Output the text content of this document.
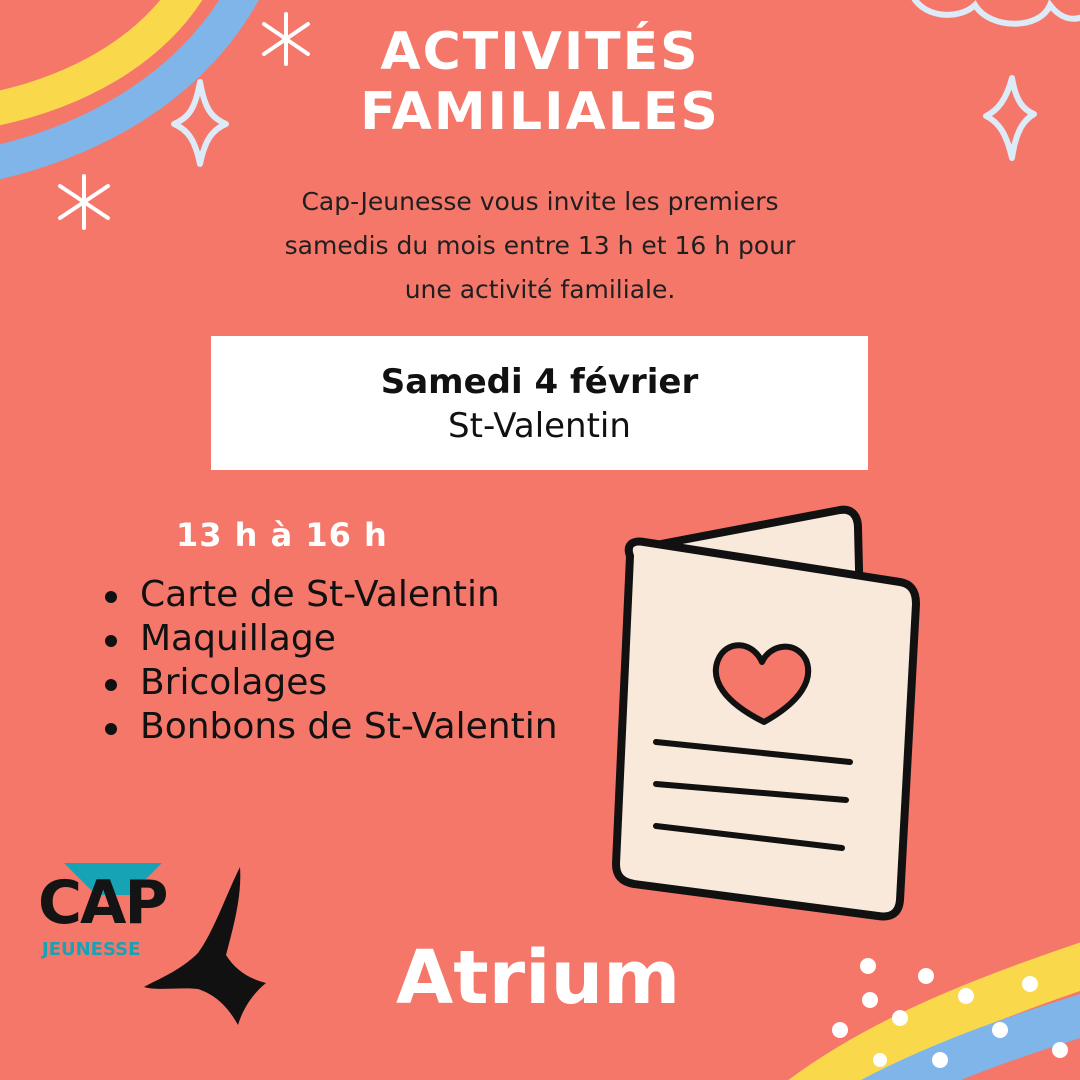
ACTIVITÉS
FAMILIALES
Cap-Jeunesse vous invite les premiers
samedis du mois entre 13 h et 16 h pour
une activité familiale.
Samedi 4 février
St-Valentin
13 h à 16 h
Carte de St-Valentin
Maquillage
Bricolages
Bonbons de St-Valentin
CAP
JEUNESSE	Atrium
